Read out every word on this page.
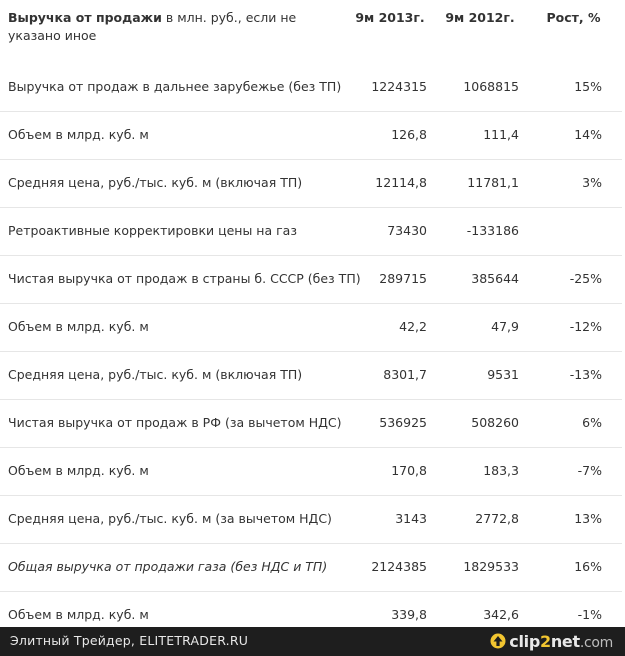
Выручка от продажи в млн. руб., если не указано иное	9м 2013г.	9м 2012г.	Рост, %
Выручка от продаж в дальнее зарубежье (без ТП)	1224315	1068815	15%
Объем в млрд. куб. м	126,8	111,4	14%
Средняя цена, руб./тыс. куб. м (включая ТП)	12114,8	11781,1	3%
Ретроактивные корректировки цены на газ	73430	-133186	
Чистая выручка от продаж в страны б. СССР (без ТП)	289715	385644	-25%
Объем в млрд. куб. м	42,2	47,9	-12%
Средняя цена, руб./тыс. куб. м (включая ТП)	8301,7	9531	-13%
Чистая выручка от продаж в РФ (за вычетом НДС)	536925	508260	6%
Объем в млрд. куб. м	170,8	183,3	-7%
Средняя цена, руб./тыс. куб. м (за вычетом НДС)	3143	2772,8	13%
Общая выручка от продажи газа (без НДС и ТП)	2124385	1829533	16%
Объем в млрд. куб. м	339,8	342,6	-1%
Элитный Трейдер, ELITETRADER.RU	clip2net.com
